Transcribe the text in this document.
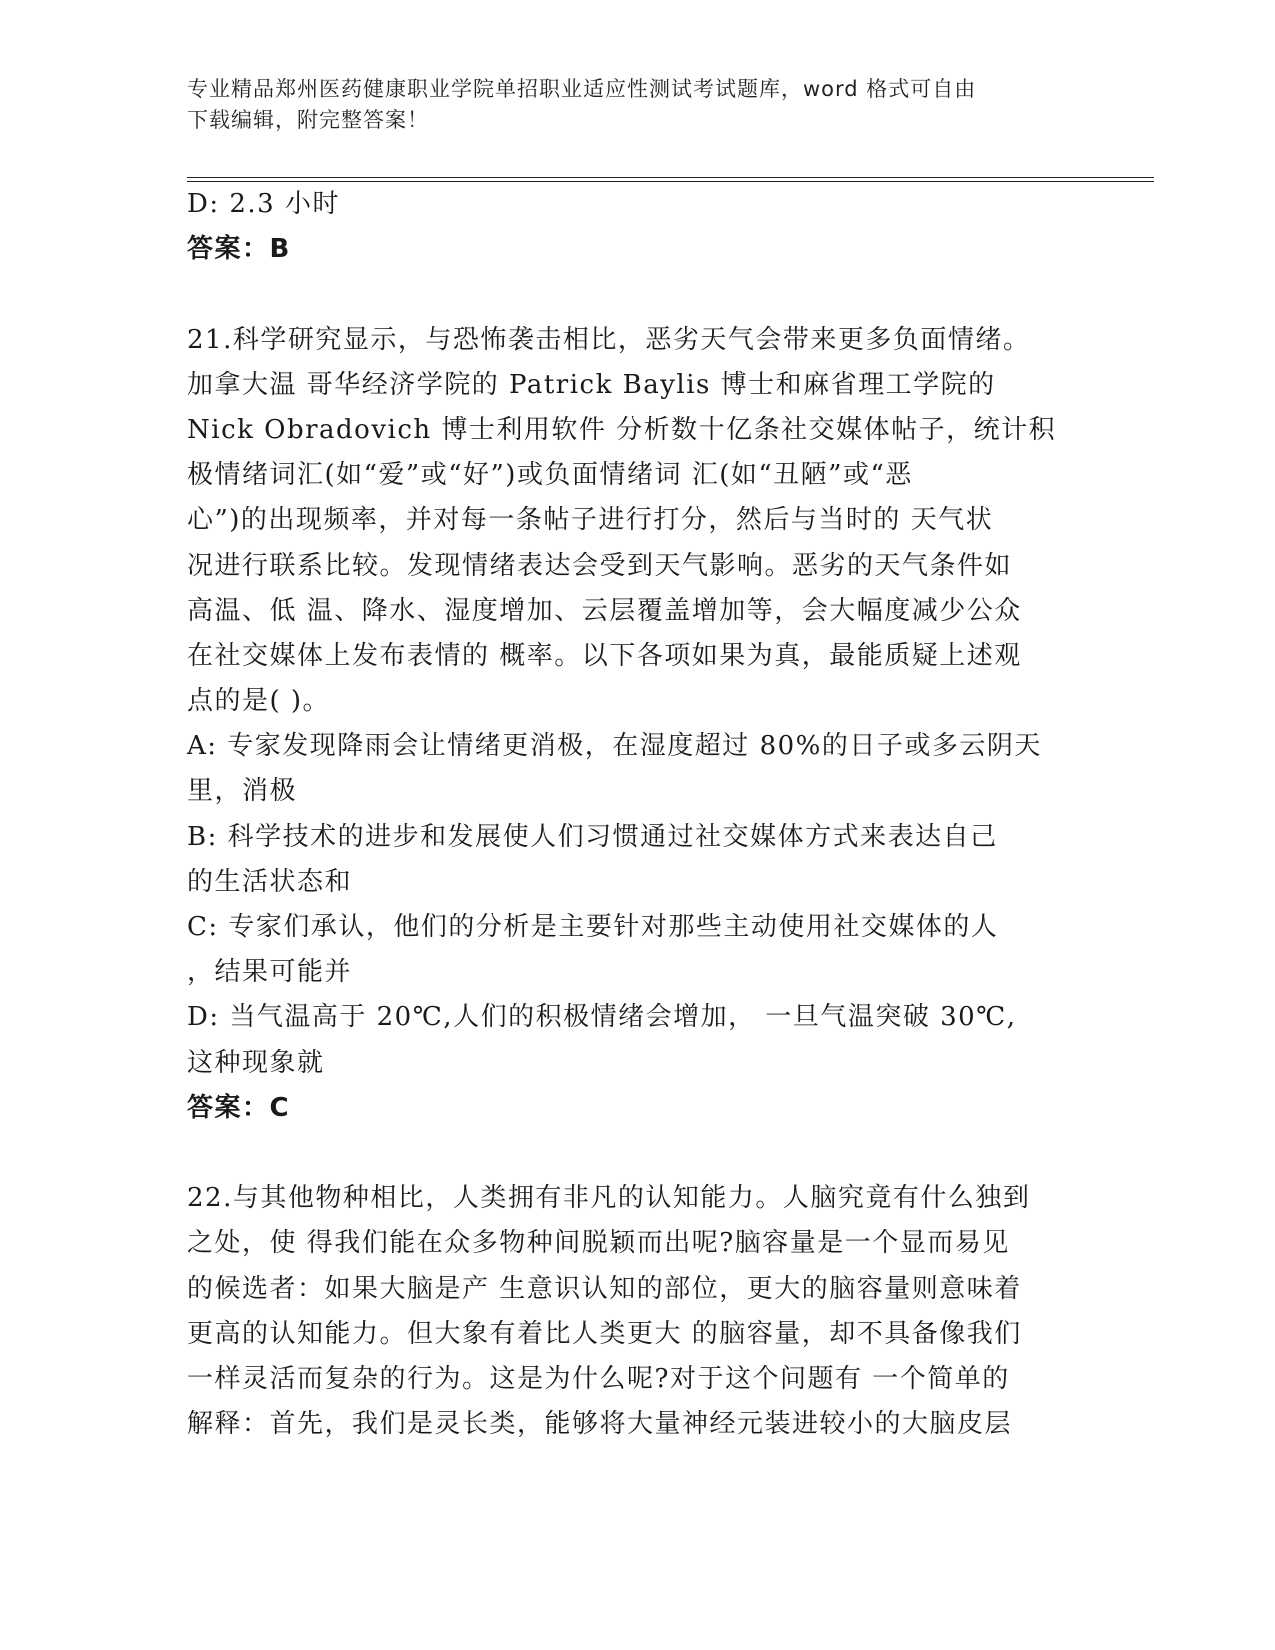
专业精品郑州医药健康职业学院单招职业适应性测试考试题库，word 格式可自由
下载编辑，附完整答案！
D: 2.3 小时
答案：B
21.科学研究显示，与恐怖袭击相比，恶劣天气会带来更多负面情绪。
加拿大温 哥华经济学院的 Patrick Baylis 博士和麻省理工学院的
Nick Obradovich 博士利用软件 分析数十亿条社交媒体帖子，统计积
极情绪词汇(如“爱”或“好”)或负面情绪词 汇(如“丑陋”或“恶
心”)的出现频率，并对每一条帖子进行打分，然后与当时的 天气状
况进行联系比较。发现情绪表达会受到天气影响。恶劣的天气条件如
高温、低 温、降水、湿度增加、云层覆盖增加等，会大幅度减少公众
在社交媒体上发布表情的 概率。以下各项如果为真，最能质疑上述观
点的是( )。
A: 专家发现降雨会让情绪更消极，在湿度超过 80%的日子或多云阴天
里，消极
B: 科学技术的进步和发展使人们习惯通过社交媒体方式来表达自己
的生活状态和
C: 专家们承认，他们的分析是主要针对那些主动使用社交媒体的人
，结果可能并
D: 当气温高于 20℃,人们的积极情绪会增加， 一旦气温突破 30℃,
这种现象就
答案：C
22.与其他物种相比，人类拥有非凡的认知能力。人脑究竟有什么独到
之处，使 得我们能在众多物种间脱颖而出呢?脑容量是一个显而易见
的候选者：如果大脑是产 生意识认知的部位，更大的脑容量则意味着
更高的认知能力。但大象有着比人类更大 的脑容量，却不具备像我们
一样灵活而复杂的行为。这是为什么呢?对于这个问题有 一个简单的
解释：首先，我们是灵长类，能够将大量神经元装进较小的大脑皮层
